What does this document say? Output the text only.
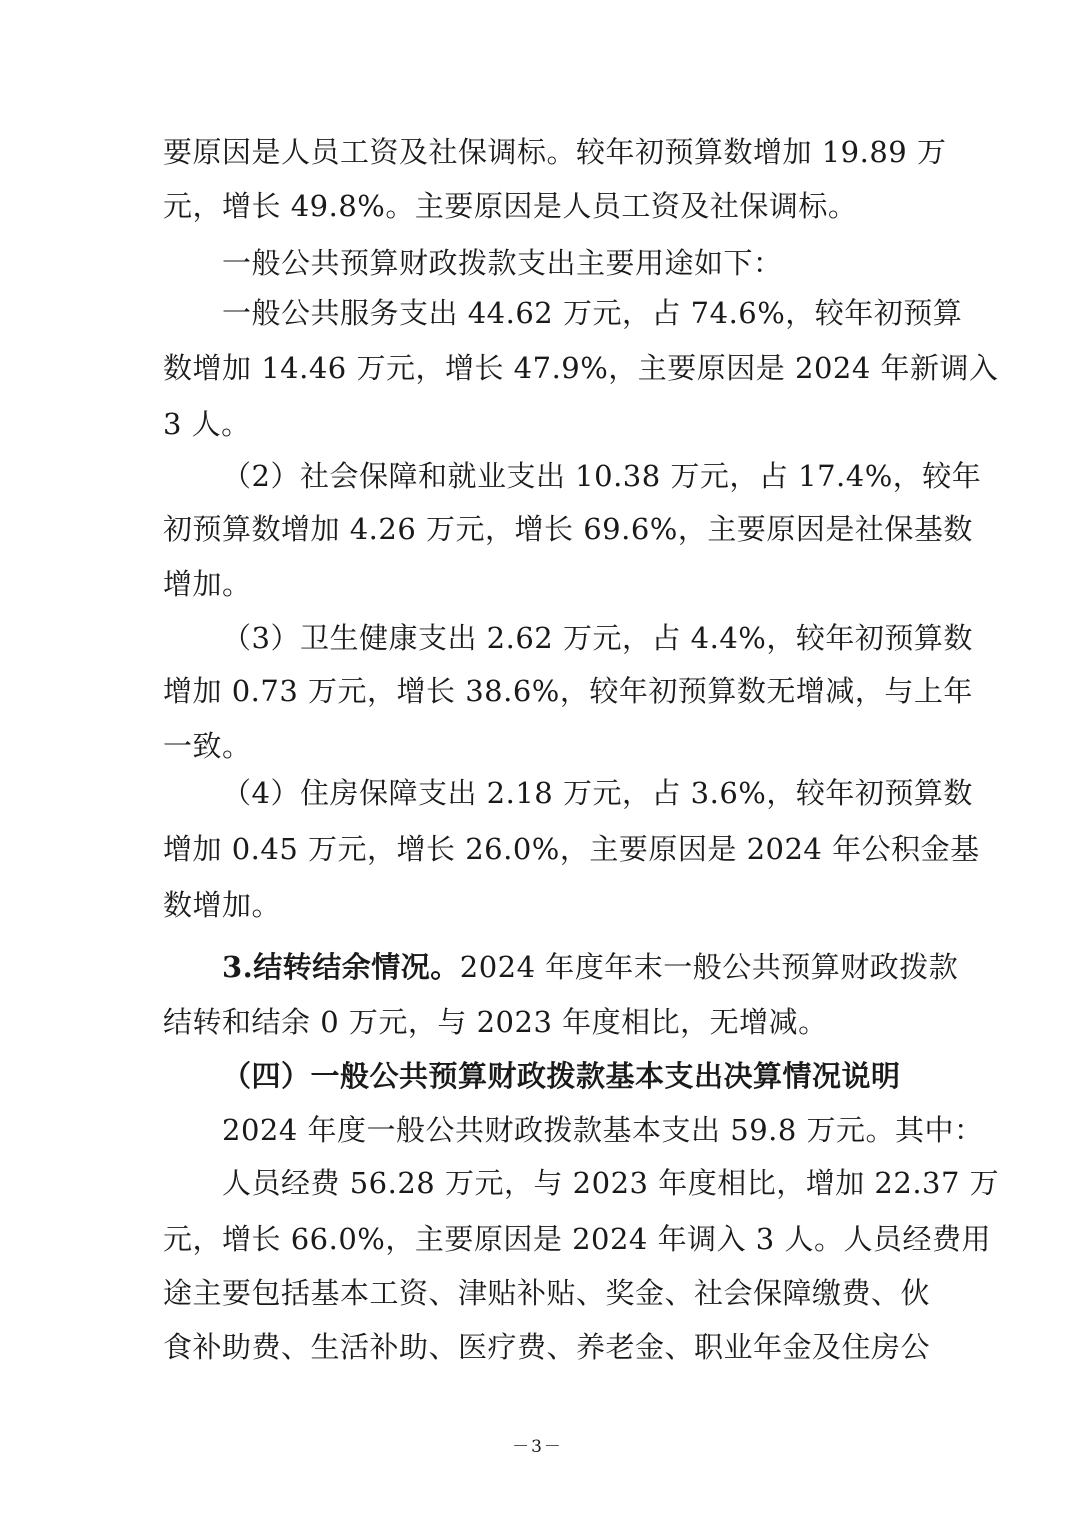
要原因是人员工资及社保调标。较年初预算数增加 19.89 万
元，增长 49.8%。主要原因是人员工资及社保调标。
一般公共预算财政拨款支出主要用途如下：
一般公共服务支出 44.62 万元，占 74.6%，较年初预算
数增加 14.46 万元，增长 47.9%，主要原因是 2024 年新调入
3 人。
（2）社会保障和就业支出 10.38 万元，占 17.4%，较年
初预算数增加 4.26 万元，增长 69.6%，主要原因是社保基数
增加。
（3）卫生健康支出 2.62 万元，占 4.4%，较年初预算数
增加 0.73 万元，增长 38.6%，较年初预算数无增减，与上年
一致。
（4）住房保障支出 2.18 万元，占 3.6%，较年初预算数
增加 0.45 万元，增长 26.0%，主要原因是 2024 年公积金基
数增加。
3.结转结余情况。2024 年度年末一般公共预算财政拨款
结转和结余 0 万元，与 2023 年度相比，无增减。
（四）一般公共预算财政拨款基本支出决算情况说明
2024 年度一般公共财政拨款基本支出 59.8 万元。其中：
人员经费 56.28 万元，与 2023 年度相比，增加 22.37 万
元，增长 66.0%，主要原因是 2024 年调入 3 人。人员经费用
途主要包括基本工资、津贴补贴、奖金、社会保障缴费、伙
食补助费、生活补助、医疗费、养老金、职业年金及住房公
－3－
